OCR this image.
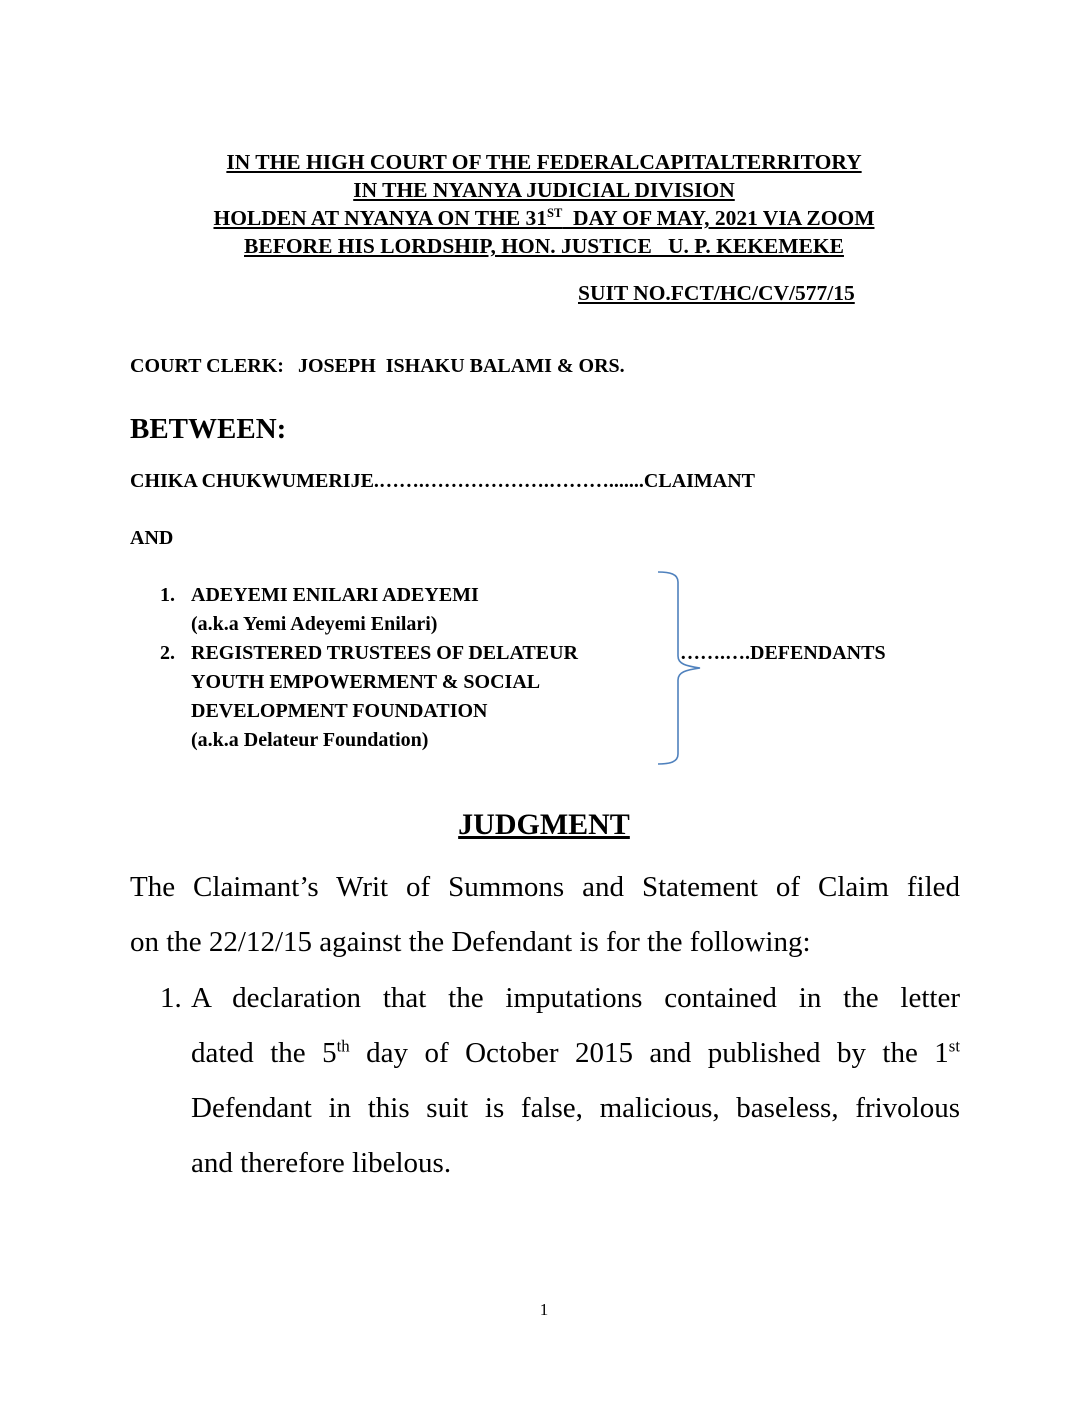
IN THE HIGH COURT OF THE FEDERALCAPITALTERRITORY
IN THE NYANYA JUDICIAL DIVISION
HOLDEN AT NYANYA ON THE 31ST  DAY OF MAY, 2021 VIA ZOOM
BEFORE HIS LORDSHIP, HON. JUSTICE   U. P. KEKEMEKE
SUIT NO.FCT/HC/CV/577/15
COURT CLERK: JOSEPH  ISHAKU BALAMI & ORS.
BETWEEN:
CHIKA CHUKWUMERIJE.…….……………….……….......CLAIMANT
AND
1. ADEYEMI ENILARI ADEYEMI
(a.k.a Yemi Adeyemi Enilari)
2. REGISTERED TRUSTEES OF DELATEUR
YOUTH EMPOWERMENT & SOCIAL
DEVELOPMENT FOUNDATION
(a.k.a Delateur Foundation)
…….….DEFENDANTS
JUDGMENT
The Claimant’s Writ of Summons and Statement of Claim filed
on the 22/12/15 against the Defendant is for the following:
1. A declaration that the imputations contained in the letter
dated the 5th day of October 2015 and published by the 1st
Defendant in this suit is false, malicious, baseless, frivolous
and therefore libelous.
1
